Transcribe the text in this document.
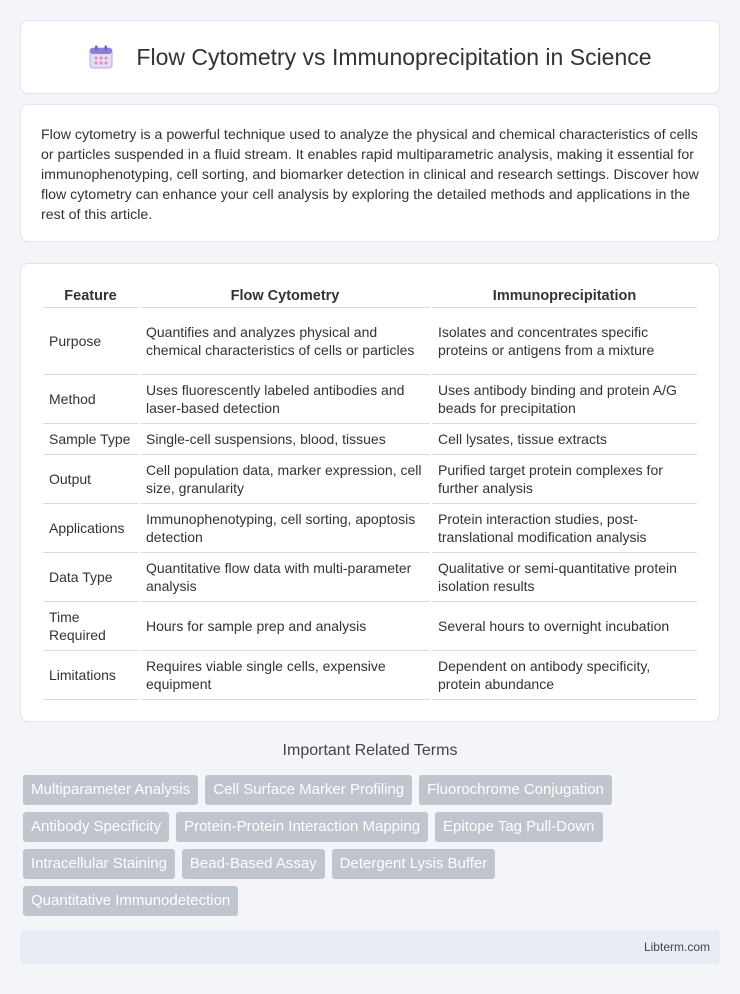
Flow Cytometry vs Immunoprecipitation in Science

Flow cytometry is a powerful technique used to analyze the physical and chemical characteristics of cells or particles suspended in a fluid stream. It enables rapid multiparametric analysis, making it essential for immunophenotyping, cell sorting, and biomarker detection in clinical and research settings. Discover how flow cytometry can enhance your cell analysis by exploring the detailed methods and applications in the rest of this article.

Feature	Flow Cytometry	Immunoprecipitation
Purpose	Quantifies and analyzes physical and chemical characteristics of cells or particles	Isolates and concentrates specific proteins or antigens from a mixture
Method	Uses fluorescently labeled antibodies and laser-based detection	Uses antibody binding and protein A/G beads for precipitation
Sample Type	Single-cell suspensions, blood, tissues	Cell lysates, tissue extracts
Output	Cell population data, marker expression, cell size, granularity	Purified target protein complexes for further analysis
Applications	Immunophenotyping, cell sorting, apoptosis detection	Protein interaction studies, post-translational modification analysis
Data Type	Quantitative flow data with multi-parameter analysis	Qualitative or semi-quantitative protein isolation results
Time Required	Hours for sample prep and analysis	Several hours to overnight incubation
Limitations	Requires viable single cells, expensive equipment	Dependent on antibody specificity, protein abundance
Important Related Terms
Multiparameter Analysis	Cell Surface Marker Profiling	Fluorochrome Conjugation
Antibody Specificity	Protein-Protein Interaction Mapping	Epitope Tag Pull-Down
Intracellular Staining	Bead-Based Assay	Detergent Lysis Buffer
Quantitative Immunodetection
Libterm.com
